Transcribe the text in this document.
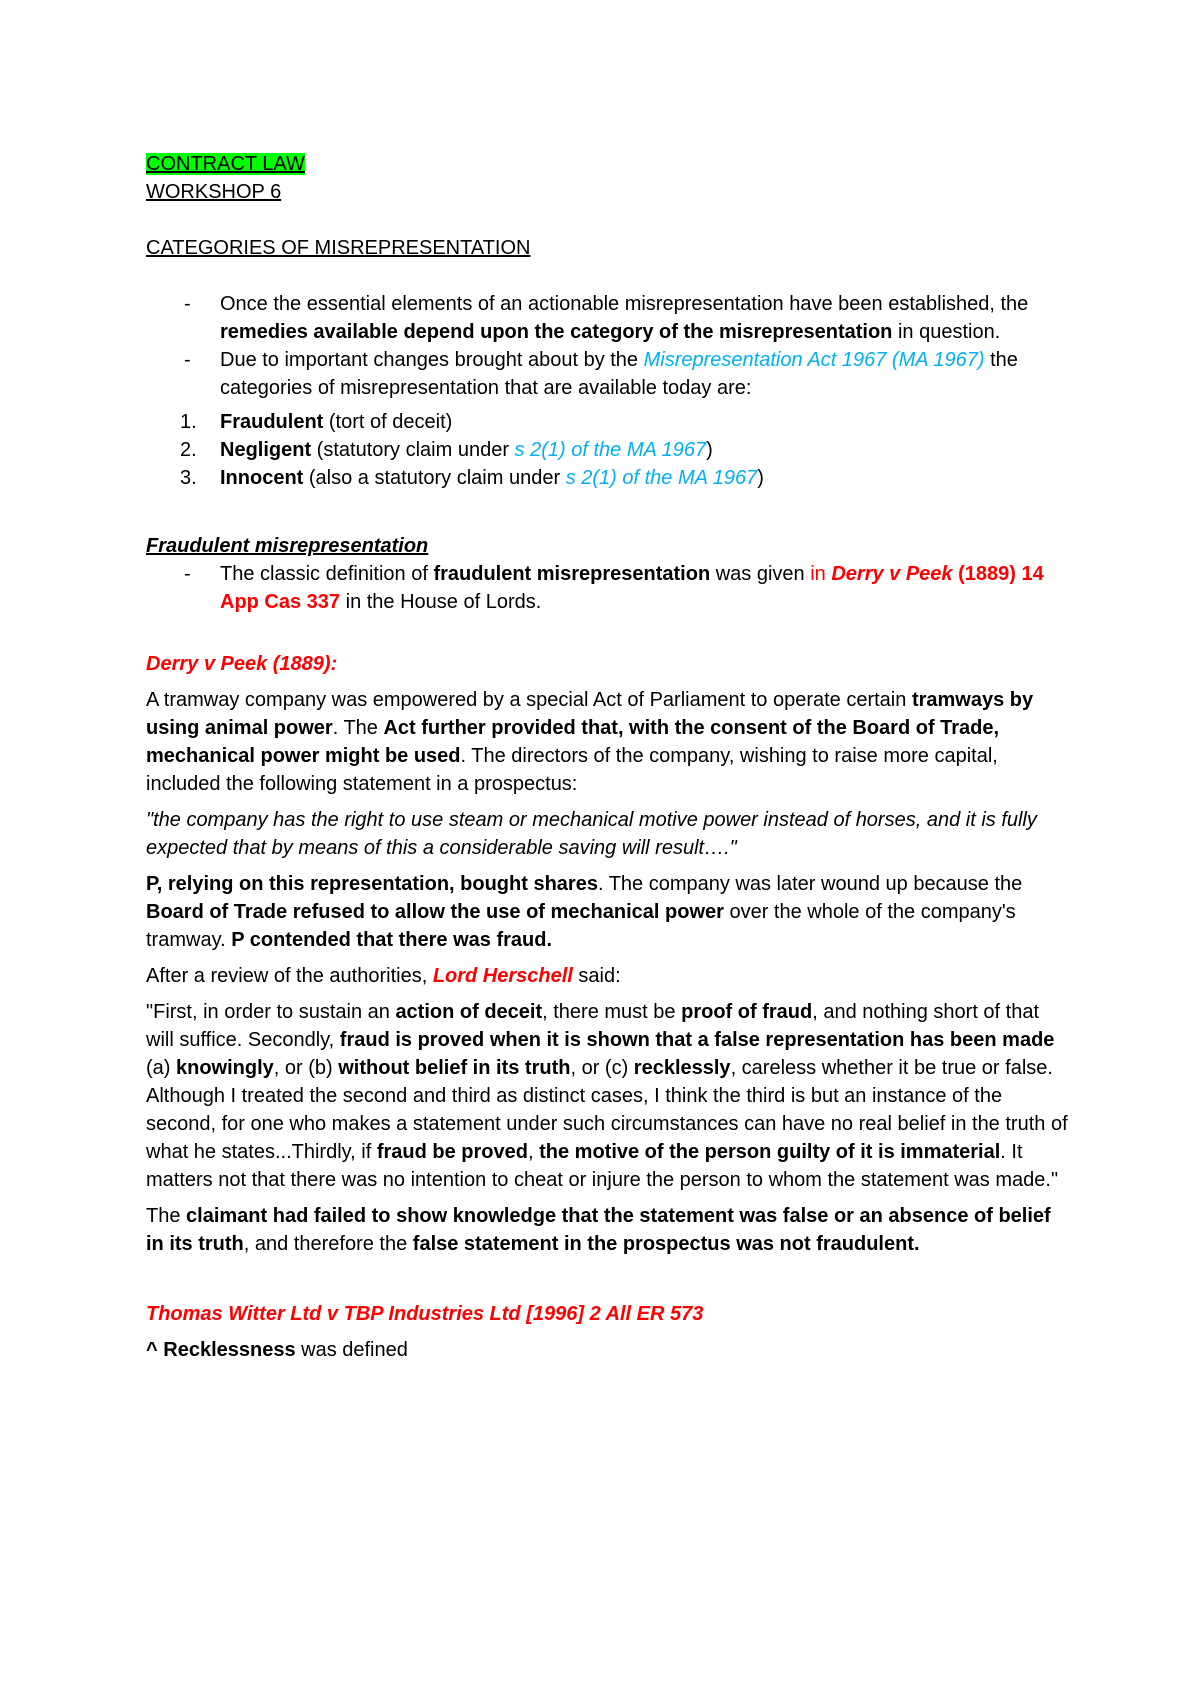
CONTRACT LAW

WORKSHOP 6

CATEGORIES OF MISREPRESENTATION

- Once the essential elements of an actionable misrepresentation have been established, the remedies available depend upon the category of the misrepresentation in question.
- Due to important changes brought about by the Misrepresentation Act 1967 (MA 1967) the categories of misrepresentation that are available today are:
1. Fraudulent (tort of deceit)
2. Negligent (statutory claim under s 2(1) of the MA 1967)
3. Innocent (also a statutory claim under s 2(1) of the MA 1967)

Fraudulent misrepresentation

- The classic definition of fraudulent misrepresentation was given in Derry v Peek (1889) 14 App Cas 337 in the House of Lords.

Derry v Peek (1889):

A tramway company was empowered by a special Act of Parliament to operate certain tramways by using animal power. The Act further provided that, with the consent of the Board of Trade, mechanical power might be used. The directors of the company, wishing to raise more capital, included the following statement in a prospectus:

"the company has the right to use steam or mechanical motive power instead of horses, and it is fully expected that by means of this a considerable saving will result…."

P, relying on this representation, bought shares. The company was later wound up because the Board of Trade refused to allow the use of mechanical power over the whole of the company's tramway. P contended that there was fraud.

After a review of the authorities, Lord Herschell said:

"First, in order to sustain an action of deceit, there must be proof of fraud, and nothing short of that will suffice. Secondly, fraud is proved when it is shown that a false representation has been made (a) knowingly, or (b) without belief in its truth, or (c) recklessly, careless whether it be true or false. Although I treated the second and third as distinct cases, I think the third is but an instance of the second, for one who makes a statement under such circumstances can have no real belief in the truth of what he states...Thirdly, if fraud be proved, the motive of the person guilty of it is immaterial. It matters not that there was no intention to cheat or injure the person to whom the statement was made."

The claimant had failed to show knowledge that the statement was false or an absence of belief in its truth, and therefore the false statement in the prospectus was not fraudulent.

Thomas Witter Ltd v TBP Industries Ltd [1996] 2 All ER 573

^ Recklessness was defined
